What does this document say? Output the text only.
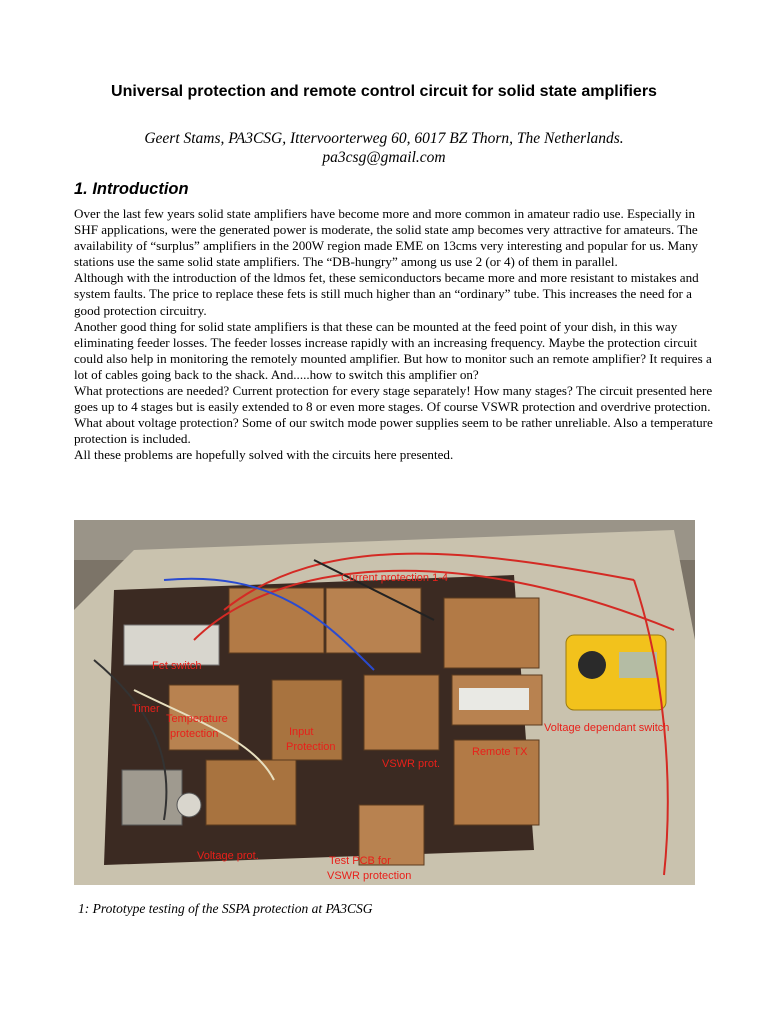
Universal protection and remote control circuit for solid state amplifiers
Geert Stams, PA3CSG, Ittervoorterweg 60, 6017 BZ Thorn, The Netherlands.
pa3csg@gmail.com
1. Introduction

Over the last few years solid state amplifiers have become more and more common in amateur radio use. Especially in SHF applications, were the generated power is moderate, the solid state amp becomes very attractive for amateurs. The availability of “surplus” amplifiers in the 200W region made EME on 13cms very interesting and popular for us. Many stations use the same solid state amplifiers. The “DB-hungry” among us use 2 (or 4) of them in parallel.

Although with the introduction of the ldmos fet, these semiconductors became more and more resistant to mistakes and system faults. The price to replace these fets is still much higher than an “ordinary” tube. This increases the need for a good protection circuitry.

Another good thing for solid state amplifiers is that these can be mounted at the feed point of your dish, in this way eliminating feeder losses. The feeder losses increase rapidly with an increasing frequency. Maybe the protection circuit could also help in monitoring the remotely mounted amplifier. But how to monitor such an remote amplifier? It requires a lot of cables going back to the shack. And.....how to switch this amplifier on?

What protections are needed? Current protection for every stage separately! How many stages? The circuit presented here goes up to 4 stages but is easily extended to 8 or even more stages. Of course VSWR protection and overdrive protection. What about voltage protection? Some of our switch mode power supplies seem to be rather unreliable. Also a temperature protection is included.

All these problems are hopefully solved with the circuits here presented.

Current protection 1-4
Fet switch
Timer
Temperature
protection	Input
Protection
VSWR prot.
Voltage dependant switch
Remote TX
Voltage prot.	Test PCB for
VSWR protection
1: Prototype testing of the SSPA protection at PA3CSG
